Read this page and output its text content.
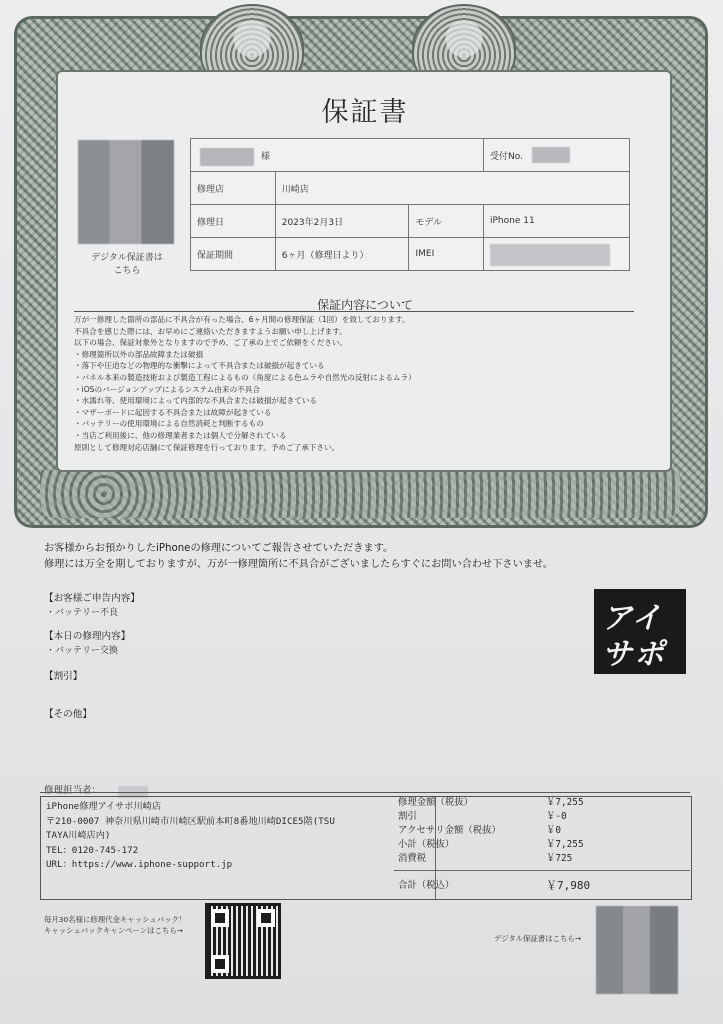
保証書
デジタル保証書は
こちら
様			受付No.
修理店	川崎店		
修理日	2023年2月3日	モデル	iPhone 11
保証期間	6ヶ月（修理日より）	IMEI	
保証内容について
万が一修理した箇所の部品に不具合が有った場合、6ヶ月間の修理保証（1回）を致しております。
不具合を感じた際には、お早めにご連絡いただきますようお願い申し上げます。
以下の場合、保証対象外となりますので予め、ご了承の上でご依頼をください。
・修理箇所以外の部品故障または破損
・落下や圧迫などの物理的な衝撃によって不具合または破損が起きている
・パネル本来の製造技術および製造工程によるもの（角度による色ムラや自然光の反射によるムラ）
・iOSのバージョンアップによるシステム由来の不具合
・水濡れ等、使用環境によって内部的な不具合または破損が起きている
・マザーボードに起因する不具合または故障が起きている
・バッテリーの使用環境による自然消耗と判断するもの
・当店ご利用後に、他の修理業者または個人で分解されている
原則として修理対応店舗にて保証修理を行っております。予めご了承下さい。
お客様からお預かりしたiPhoneの修理についてご報告させていただきます。
修理には万全を期しておりますが、万が一修理箇所に不具合がございましたらすぐにお問い合わせ下さいませ。
【お客様ご申告内容】
・バッテリー不良
【本日の修理内容】
・バッテリー交換
【割引】
【その他】
アイ
サポ
修理担当者：
iPhone修理アイサポ川崎店
〒210-0007 神奈川県川崎市川崎区駅前本町8番地川崎DICE5階(TSU
TAYA川崎店内)
TEL：0120-745-172
URL：https://www.iphone-support.jp
修理金額（税抜）	￥7,255
割引	￥-0
アクセサリ金額（税抜）	￥0
小計（税抜）	￥7,255
消費税	￥725
合計（税込）	￥7,980
毎月30名様に修理代金キャッシュバック！
キャッシュバックキャンペーンはこちら→
デジタル保証書はこちら→
